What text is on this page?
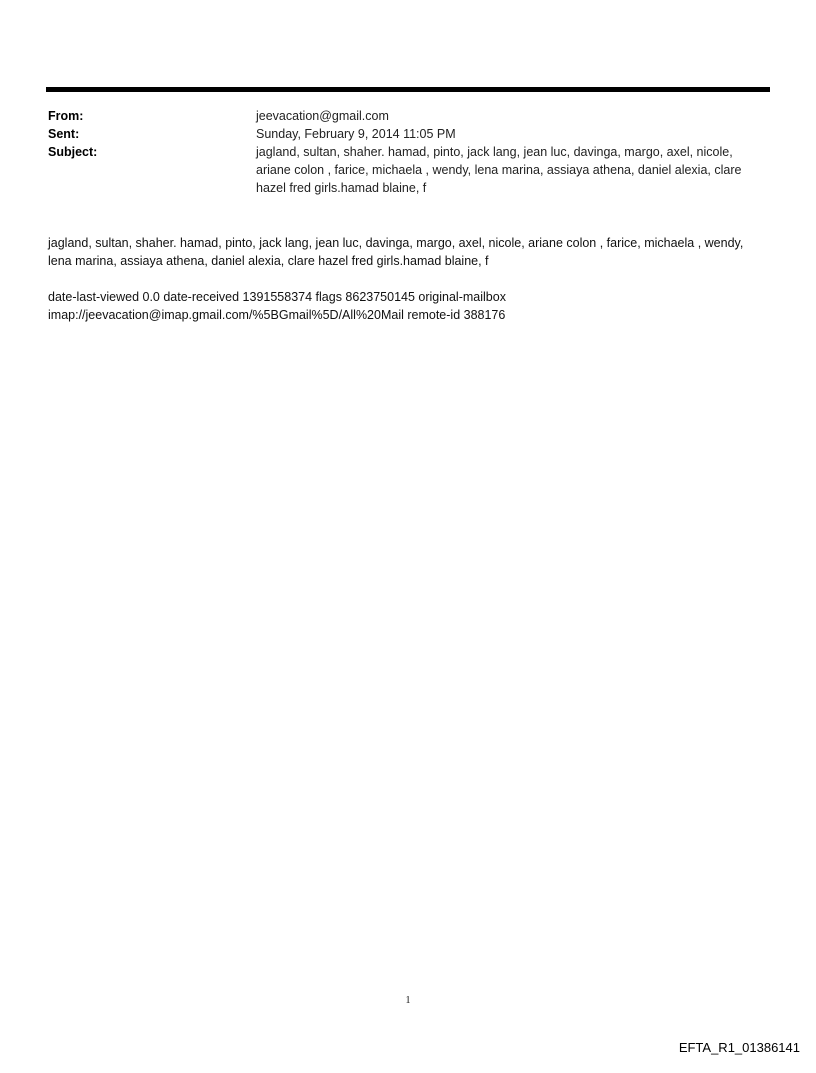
From:	jeevacation@gmail.com
Sent:	Sunday, February 9, 2014 11:05 PM
Subject:	jagland, sultan, shaher. hamad, pinto, jack lang, jean luc, davinga, margo, axel, nicole, ariane colon , farice, michaela , wendy, lena marina, assiaya athena, daniel alexia, clare hazel fred girls.hamad blaine, f
jagland, sultan, shaher. hamad, pinto, jack lang, jean luc, davinga, margo, axel, nicole, ariane colon , farice, michaela , wendy, lena marina, assiaya athena, daniel alexia, clare hazel fred girls.hamad blaine, f
date-last-viewed 0.0 date-received 1391558374 flags 8623750145 original-mailbox imap://jeevacation@imap.gmail.com/%5BGmail%5D/All%20Mail remote-id 388176
1
EFTA_R1_01386141
